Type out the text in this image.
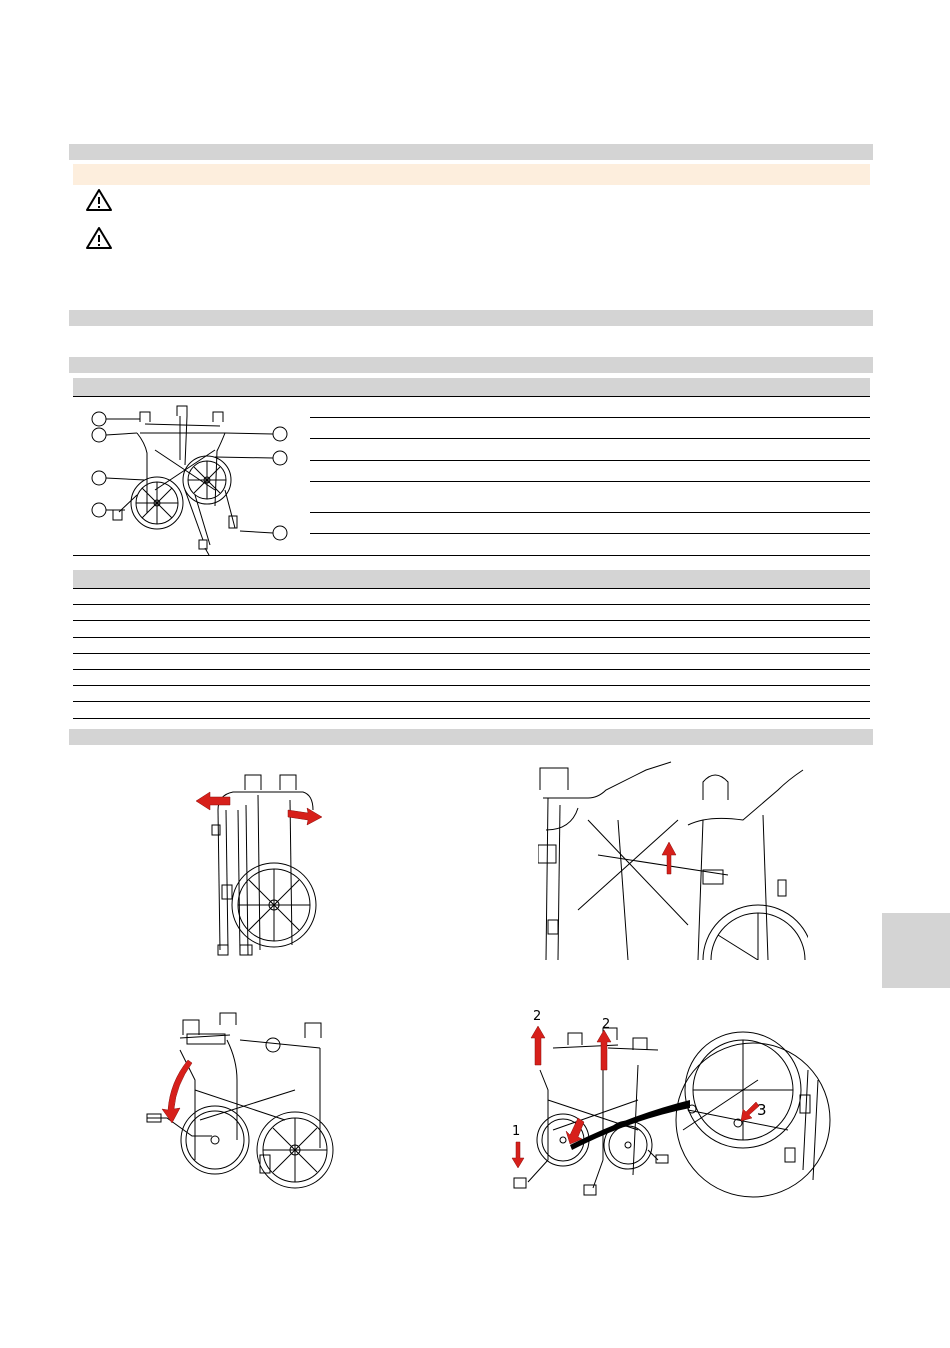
1
2
2
3
